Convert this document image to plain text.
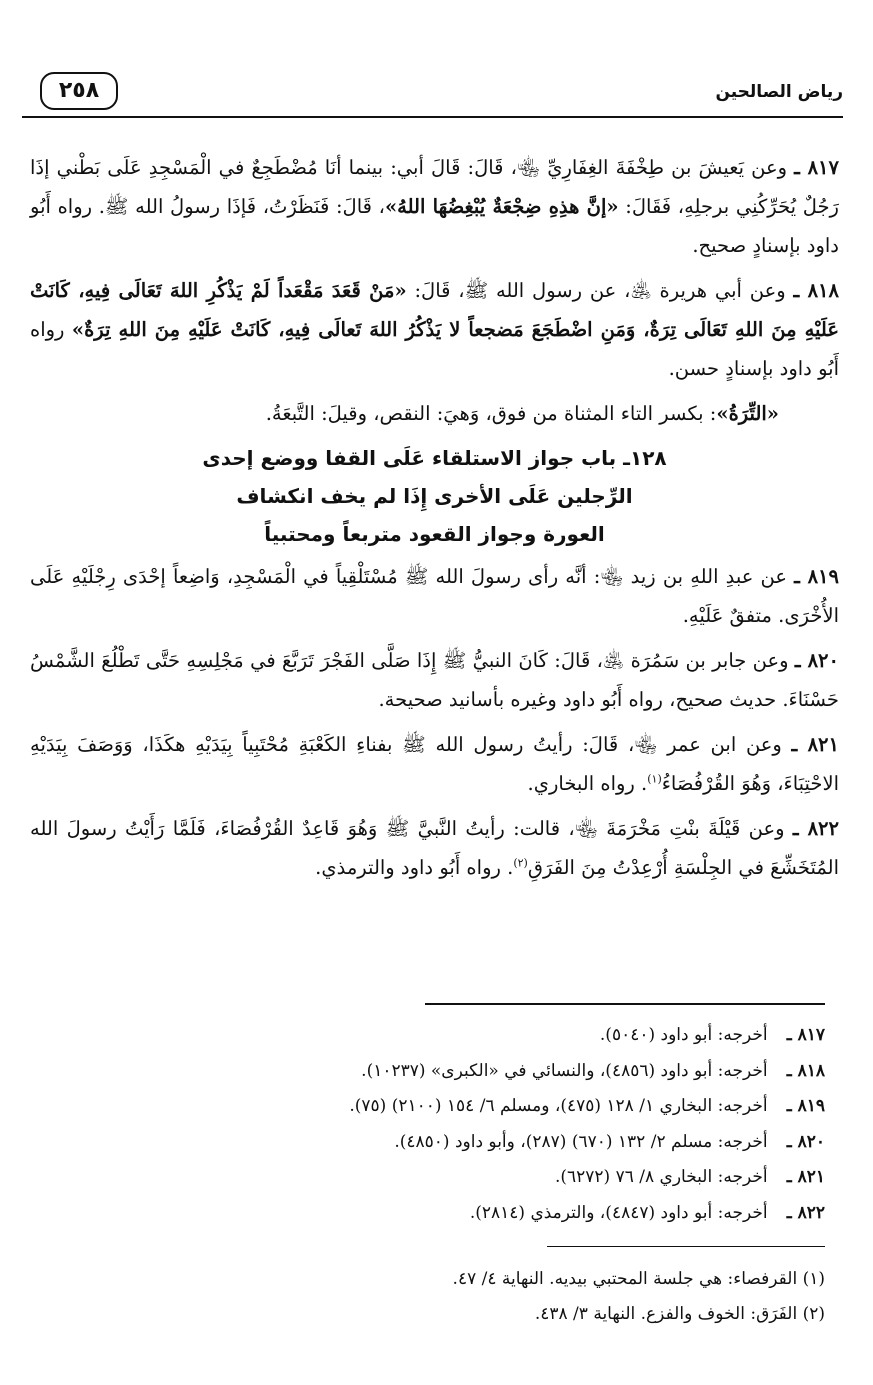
رياض الصالحين
٢٥٨

٨١٧ ـ وعن يَعيشَ بن طِخْفَةَ الغِفَارِيِّ ﵄، قَالَ: قَالَ أبي: بينما أنَا مُضْطَجِعٌ في الْمَسْجِدِ عَلَى بَطْني إذَا رَجُلٌ يُحَرِّكُنِي برجلِهِ، فَقَالَ: «إنَّ هذِهِ ضِجْعَةٌ يُبْغِضُهَا اللهُ»، قَالَ: فَنَظَرْتُ، فَإذَا رسولُ الله ﷺ. رواه أَبُو داود بإسنادٍ صحيح.

٨١٨ ـ وعن أبي هريرة ﵁، عن رسول الله ﷺ، قَالَ: «مَنْ قَعَدَ مَقْعَداً لَمْ يَذْكُرِ اللهَ تَعَالَى فِيهِ، كَانَتْ عَلَيْهِ مِنَ اللهِ تَعَالَى تِرَةٌ، وَمَنِ اضْطَجَعَ مَضجعاً لا يَذْكُرُ اللهَ تَعالَى فِيهِ، كَانَتْ عَلَيْهِ مِنَ اللهِ تِرَةٌ» رواه أَبُو داود بإسنادٍ حسن.

«التِّرَةُ»: بكسر التاء المثناة من فوق، وَهيَ: النقص، وقيلَ: التَّبعَةُ.

١٢٨ـ باب جواز الاستلقاء عَلَى القفا ووضع إحدى
الرِّجلين عَلَى الأخرى إِذَا لم يخف انكشاف
العورة وجواز القعود متربعاً ومحتبياً

٨١٩ ـ عن عبدِ اللهِ بن زيد ﵄: أنَّه رأى رسولَ الله ﷺ مُسْتَلْقِياً في الْمَسْجِدِ، وَاضِعاً إحْدَى رِجْلَيْهِ عَلَى الأُخْرَى. متفقٌ عَلَيْهِ.

٨٢٠ ـ وعن جابر بن سَمُرَة ﵁، قَالَ: كَانَ النبيُّ ﷺ إِذَا صَلَّى الفَجْرَ تَرَبَّعَ في مَجْلِسِهِ حَتَّى تَطْلُعَ الشَّمْسُ حَسْنَاءَ. حديث صحيح، رواه أَبُو داود وغيره بأسانيد صحيحة.

٨٢١ ـ وعن ابن عمر ﵄، قَالَ: رأيتُ رسول الله ﷺ بفناءِ الكَعْبَةِ مُحْتَبِياً بِيَدَيْهِ هكَذَا، وَوَصَفَ بِيَدَيْهِ الاحْتِبَاءَ، وَهُوَ القُرْفُصَاءُ$^{(١)}$. رواه البخاري.

٨٢٢ ـ وعن قَيْلَةَ بنْتِ مَخْرَمَةَ ﵄، قالت: رأيتُ النَّبيَّ ﷺ وَهُوَ قَاعِدٌ القُرْفُصَاءَ، فَلَمَّا رَأَيْتُ رسولَ الله المُتَخَشِّعَ في الجِلْسَةِ أُرْعِدْتُ مِنَ الفَرَقِ$^{(٢)}$. رواه أَبُو داود والترمذي.

٨١٧ ـ أخرجه: أبو داود (٥٠٤٠).
٨١٨ ـ أخرجه: أبو داود (٤٨٥٦)، والنسائي في «الكبرى» (١٠٢٣٧).
٨١٩ ـ أخرجه: البخاري ١/ ١٢٨ (٤٧٥)، ومسلم ٦/ ١٥٤ (٢١٠٠) (٧٥).
٨٢٠ ـ أخرجه: مسلم ٢/ ١٣٢ (٦٧٠) (٢٨٧)، وأبو داود (٤٨٥٠).
٨٢١ ـ أخرجه: البخاري ٨/ ٧٦ (٦٢٧٢).
٨٢٢ ـ أخرجه: أبو داود (٤٨٤٧)، والترمذي (٢٨١٤).
(١) القرفصاء: هي جلسة المحتبي بيديه. النهاية ٤/ ٤٧.
(٢) الفَرَق: الخوف والفزع. النهاية ٣/ ٤٣٨.
